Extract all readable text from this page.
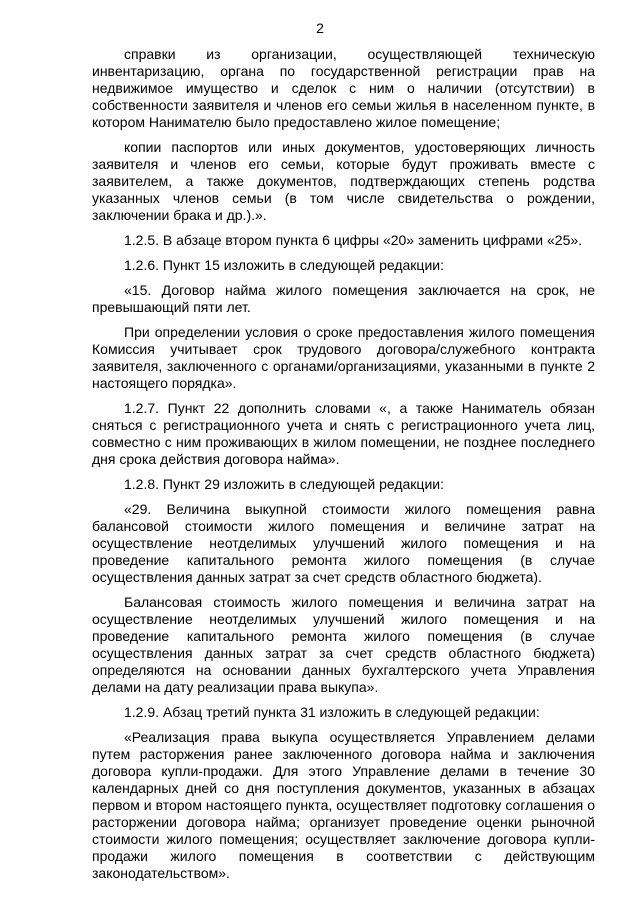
2

справки из организации, осуществляющей техническую инвентаризацию, органа по государственной регистрации прав на недвижимое имущество и сделок с ним о наличии (отсутствии) в собственности заявителя и членов его семьи жилья в населенном пункте, в котором Нанимателю было предоставлено жилое помещение;

копии паспортов или иных документов, удостоверяющих личность заявителя и членов его семьи, которые будут проживать вместе с заявителем, а также документов, подтверждающих степень родства указанных членов семьи (в том числе свидетельства о рождении, заключении брака и др.).».

1.2.5. В абзаце втором пункта 6 цифры «20» заменить цифрами «25».

1.2.6. Пункт 15 изложить в следующей редакции:

«15. Договор найма жилого помещения заключается на срок, не превышающий пяти лет.

При определении условия о сроке предоставления жилого помещения Комиссия учитывает срок трудового договора/служебного контракта заявителя, заключенного с органами/организациями, указанными в пункте 2 настоящего порядка».

1.2.7. Пункт 22 дополнить словами «, а также Наниматель обязан сняться с регистрационного учета и снять с регистрационного учета лиц, совместно с ним проживающих в жилом помещении, не позднее последнего дня срока действия договора найма».

1.2.8. Пункт 29 изложить в следующей редакции:

«29. Величина выкупной стоимости жилого помещения равна балансовой стоимости жилого помещения и величине затрат на осуществление неотделимых улучшений жилого помещения и на проведение капитального ремонта жилого помещения (в случае осуществления данных затрат за счет средств областного бюджета).

Балансовая стоимость жилого помещения и величина затрат на осуществление неотделимых улучшений жилого помещения и на проведение капитального ремонта жилого помещения (в случае осуществления данных затрат за счет средств областного бюджета) определяются на основании данных бухгалтерского учета Управления делами на дату реализации права выкупа».

1.2.9. Абзац третий пункта 31 изложить в следующей редакции:

«Реализация права выкупа осуществляется Управлением делами путем расторжения ранее заключенного договора найма и заключения договора купли-продажи. Для этого Управление делами в течение 30 календарных дней со дня поступления документов, указанных в абзацах первом и втором настоящего пункта, осуществляет подготовку соглашения о расторжении договора найма; организует проведение оценки рыночной стоимости жилого помещения; осуществляет заключение договора купли-продажи жилого помещения в соответствии с действующим законодательством».
